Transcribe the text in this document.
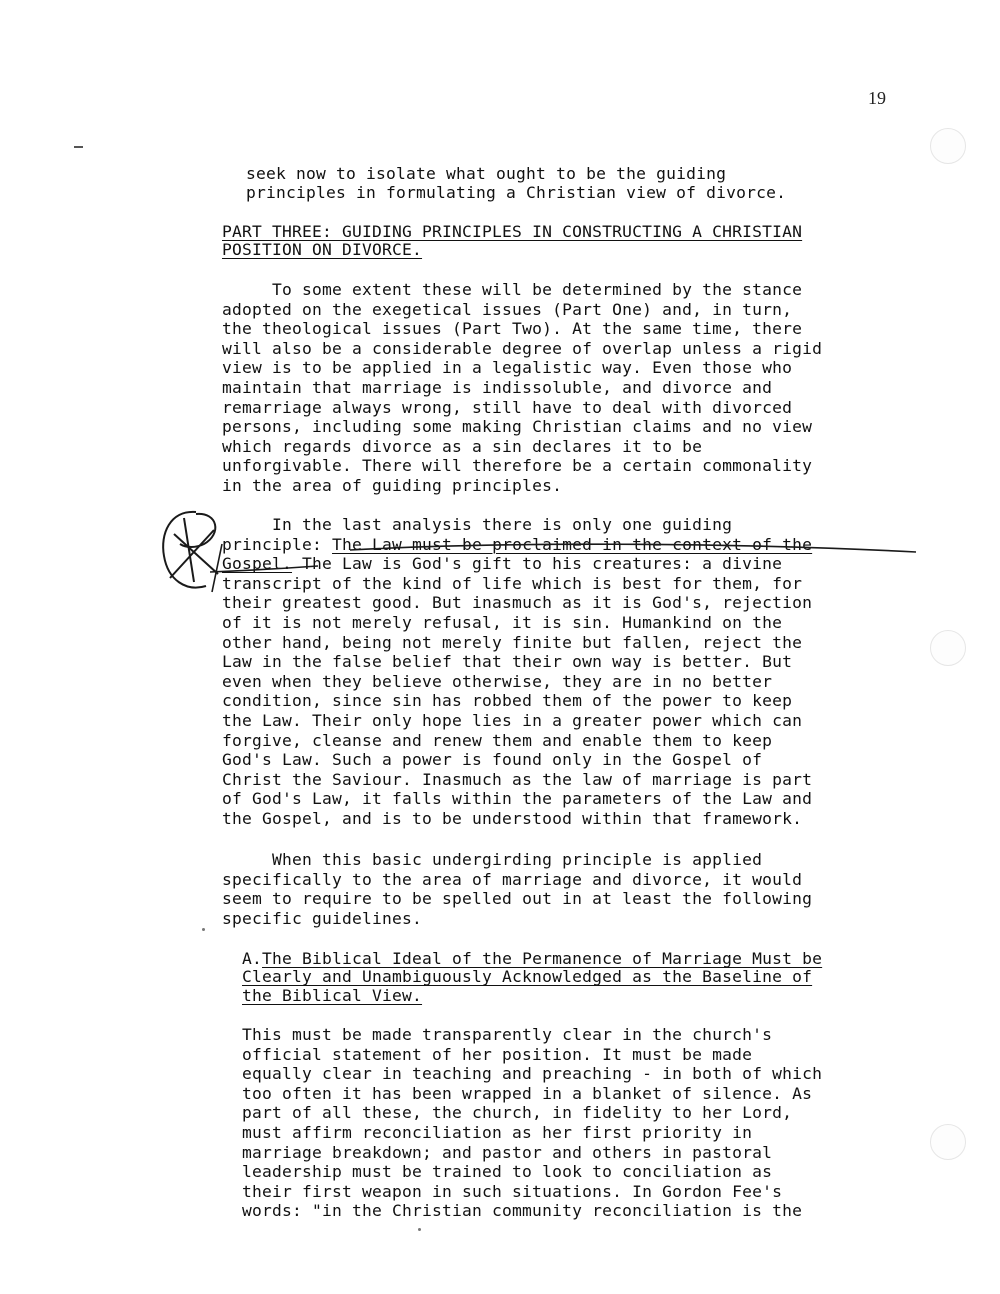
19
seek now to isolate what ought to be the guiding
principles in formulating a Christian view of divorce.
PART THREE: GUIDING PRINCIPLES IN CONSTRUCTING A CHRISTIAN
POSITION ON DIVORCE.
To some extent these will be determined by the stance
adopted on the exegetical issues (Part One) and, in turn,
the theological issues (Part Two). At the same time, there
will also be a considerable degree of overlap unless a rigid
view is to be applied in a legalistic way. Even those who
maintain that marriage is indissoluble, and divorce and
remarriage always wrong, still have to deal with divorced
persons, including some making Christian claims and no view
which regards divorce as a sin declares it to be
unforgivable. There will therefore be a certain commonality
in the area of guiding principles.
In the last analysis there is only one guiding
principle: The Law must be proclaimed in the context of the
Gospel. The Law is God's gift to his creatures: a divine
transcript of the kind of life which is best for them, for
their greatest good. But inasmuch as it is God's, rejection
of it is not merely refusal, it is sin. Humankind on the
other hand, being not merely finite but fallen, reject the
Law in the false belief that their own way is better. But
even when they believe otherwise, they are in no better
condition, since sin has robbed them of the power to keep
the Law. Their only hope lies in a greater power which can
forgive, cleanse and renew them and enable them to keep
God's Law. Such a power is found only in the Gospel of
Christ the Saviour. Inasmuch as the law of marriage is part
of God's Law, it falls within the parameters of the Law and
the Gospel, and is to be understood within that framework.
When this basic undergirding principle is applied
specifically to the area of marriage and divorce, it would
seem to require to be spelled out in at least the following
specific guidelines.
A.The Biblical Ideal of the Permanence of Marriage Must be
Clearly and Unambiguously Acknowledged as the Baseline of
the Biblical View.
This must be made transparently clear in the church's
official statement of her position. It must be made
equally clear in teaching and preaching - in both of which
too often it has been wrapped in a blanket of silence. As
part of all these, the church, in fidelity to her Lord,
must affirm reconciliation as her first priority in
marriage breakdown; and pastor and others in pastoral
leadership must be trained to look to conciliation as
their first weapon in such situations. In Gordon Fee's
words: "in the Christian community reconciliation is the
